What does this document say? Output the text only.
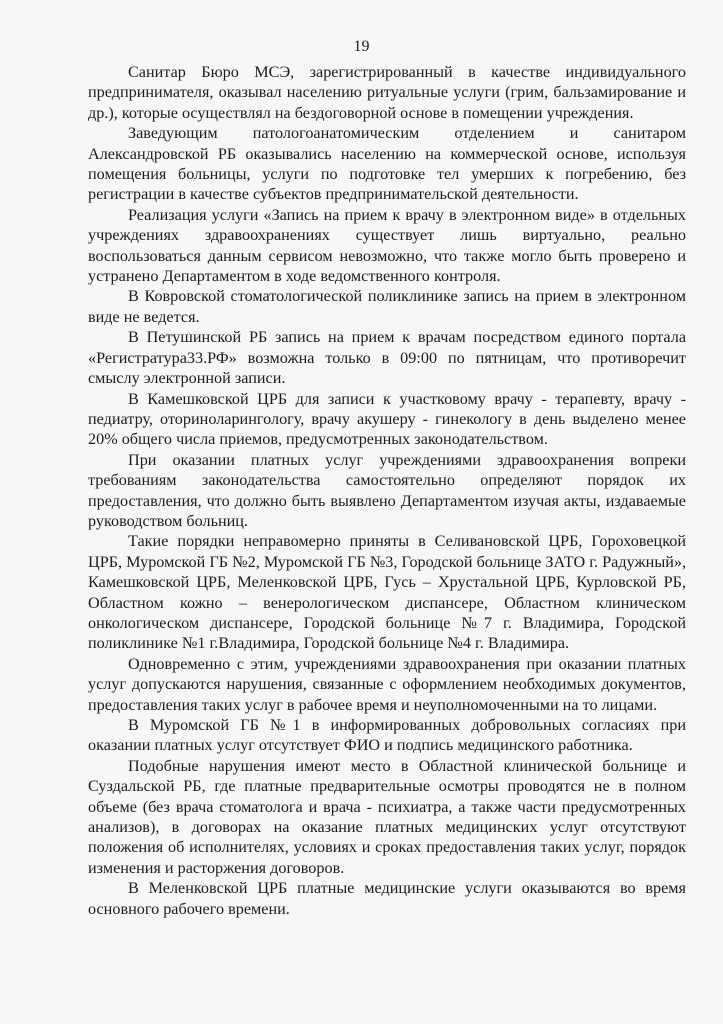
19

Санитар Бюро МСЭ, зарегистрированный в качестве индивидуального предпринимателя, оказывал населению ритуальные услуги (грим, бальзамирование и др.), которые осуществлял на бездоговорной основе в помещении учреждения.

Заведующим патологоанатомическим отделением и санитаром Александровской РБ оказывались населению на коммерческой основе, используя помещения больницы, услуги по подготовке тел умерших к погребению, без регистрации в качестве субъектов предпринимательской деятельности.

Реализация услуги «Запись на прием к врачу в электронном виде» в отдельных учреждениях здравоохранениях существует лишь виртуально, реально воспользоваться данным сервисом невозможно, что также могло быть проверено и устранено Департаментом в ходе ведомственного контроля.

В Ковровской стоматологической поликлинике запись на прием в электронном виде не ведется.

В Петушинской РБ запись на прием к врачам посредством единого портала «Регистратура33.РФ» возможна только в 09:00 по пятницам, что противоречит смыслу электронной записи.

В Камешковской ЦРБ для записи к участковому врачу - терапевту, врачу - педиатру, оториноларингологу, врачу акушеру - гинекологу в день выделено менее 20% общего числа приемов, предусмотренных законодательством.

При оказании платных услуг учреждениями здравоохранения вопреки требованиям законодательства самостоятельно определяют порядок их предоставления, что должно быть выявлено Департаментом изучая акты, издаваемые руководством больниц.

Такие порядки неправомерно приняты в Селивановской ЦРБ, Гороховецкой ЦРБ, Муромской ГБ №2, Муромской ГБ №3, Городской больнице ЗАТО г. Радужный», Камешковской ЦРБ, Меленковской ЦРБ, Гусь – Хрустальной ЦРБ, Курловской РБ, Областном кожно – венерологическом диспансере, Областном клиническом онкологическом диспансере, Городской больнице №7 г. Владимира, Городской поликлинике №1 г.Владимира, Городской больнице №4 г. Владимира.

Одновременно с этим, учреждениями здравоохранения при оказании платных услуг допускаются нарушения, связанные с оформлением необходимых документов, предоставления таких услуг в рабочее время и неуполномоченными на то лицами.

В Муромской ГБ №1 в информированных добровольных согласиях при оказании платных услуг отсутствует ФИО и подпись медицинского работника.

Подобные нарушения имеют место в Областной клинической больнице и Суздальской РБ, где платные предварительные осмотры проводятся не в полном объеме (без врача стоматолога и врача - психиатра, а также части предусмотренных анализов), в договорах на оказание платных медицинских услуг отсутствуют положения об исполнителях, условиях и сроках предоставления таких услуг, порядок изменения и расторжения договоров.

В Меленковской ЦРБ платные медицинские услуги оказываются во время основного рабочего времени.
